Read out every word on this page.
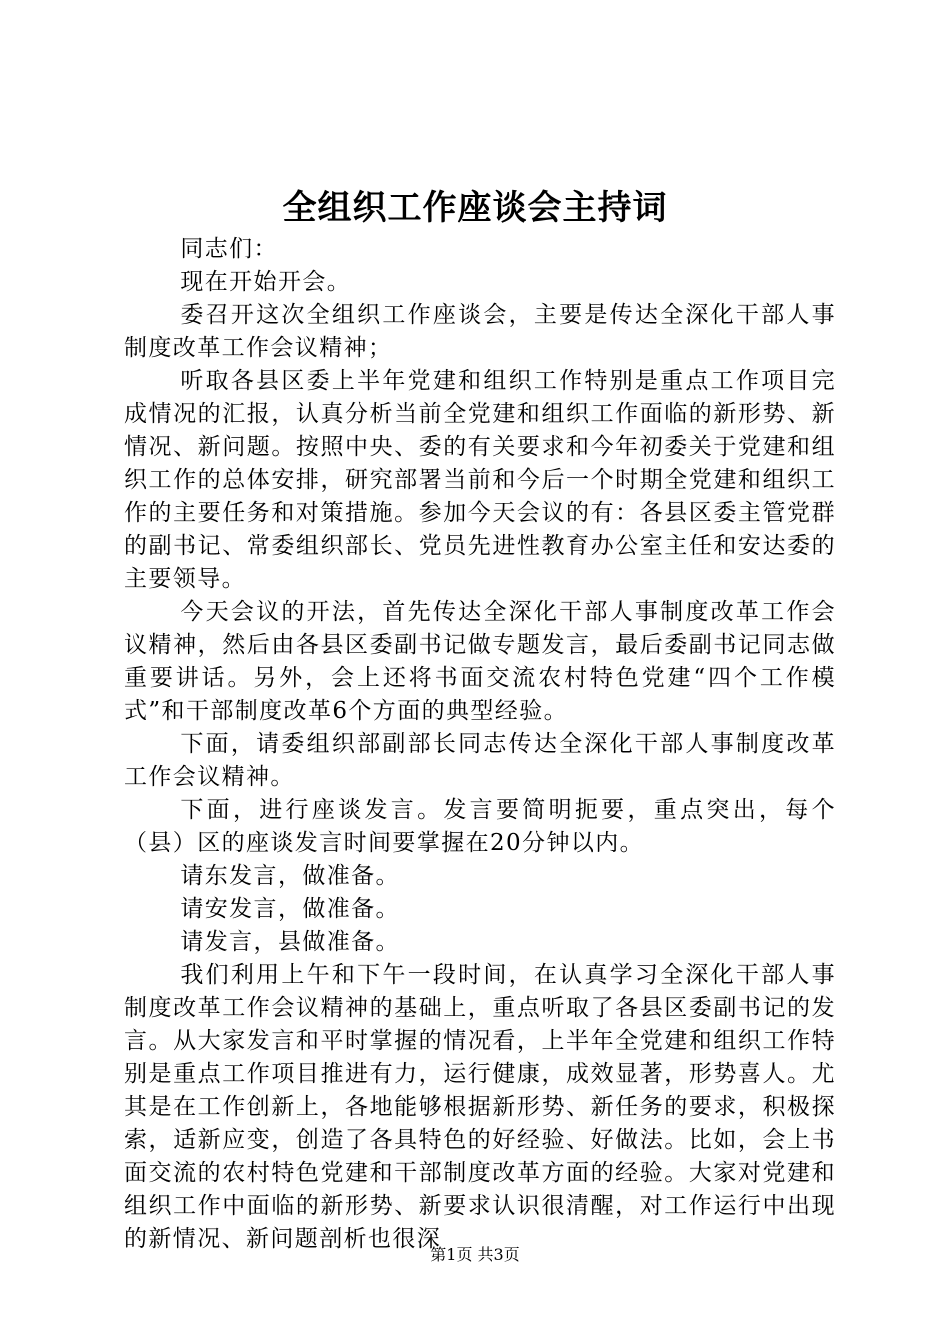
全组织工作座谈会主持词

同志们：

现在开始开会。

委召开这次全组织工作座谈会，主要是传达全深化干部人事制度改革工作会议精神；

听取各县区委上半年党建和组织工作特别是重点工作项目完成情况的汇报，认真分析当前全党建和组织工作面临的新形势、新情况、新问题。按照中央、委的有关要求和今年初委关于党建和组织工作的总体安排，研究部署当前和今后一个时期全党建和组织工作的主要任务和对策措施。参加今天会议的有：各县区委主管党群的副书记、常委组织部长、党员先进性教育办公室主任和安达委的主要领导。

今天会议的开法，首先传达全深化干部人事制度改革工作会议精神，然后由各县区委副书记做专题发言，最后委副书记同志做重要讲话。另外，会上还将书面交流农村特色党建“四个工作模式”和干部制度改革6个方面的典型经验。

下面，请委组织部副部长同志传达全深化干部人事制度改革工作会议精神。

下面，进行座谈发言。发言要简明扼要，重点突出，每个（县）区的座谈发言时间要掌握在20分钟以内。

请东发言，做准备。

请安发言，做准备。

请发言，县做准备。

我们利用上午和下午一段时间，在认真学习全深化干部人事制度改革工作会议精神的基础上，重点听取了各县区委副书记的发言。从大家发言和平时掌握的情况看，上半年全党建和组织工作特别是重点工作项目推进有力，运行健康，成效显著，形势喜人。尤其是在工作创新上，各地能够根据新形势、新任务的要求，积极探索，适新应变，创造了各具特色的好经验、好做法。比如，会上书面交流的农村特色党建和干部制度改革方面的经验。大家对党建和组织工作中面临的新形势、新要求认识很清醒，对工作运行中出现的新情况、新问题剖析也很深

第1页 共3页
